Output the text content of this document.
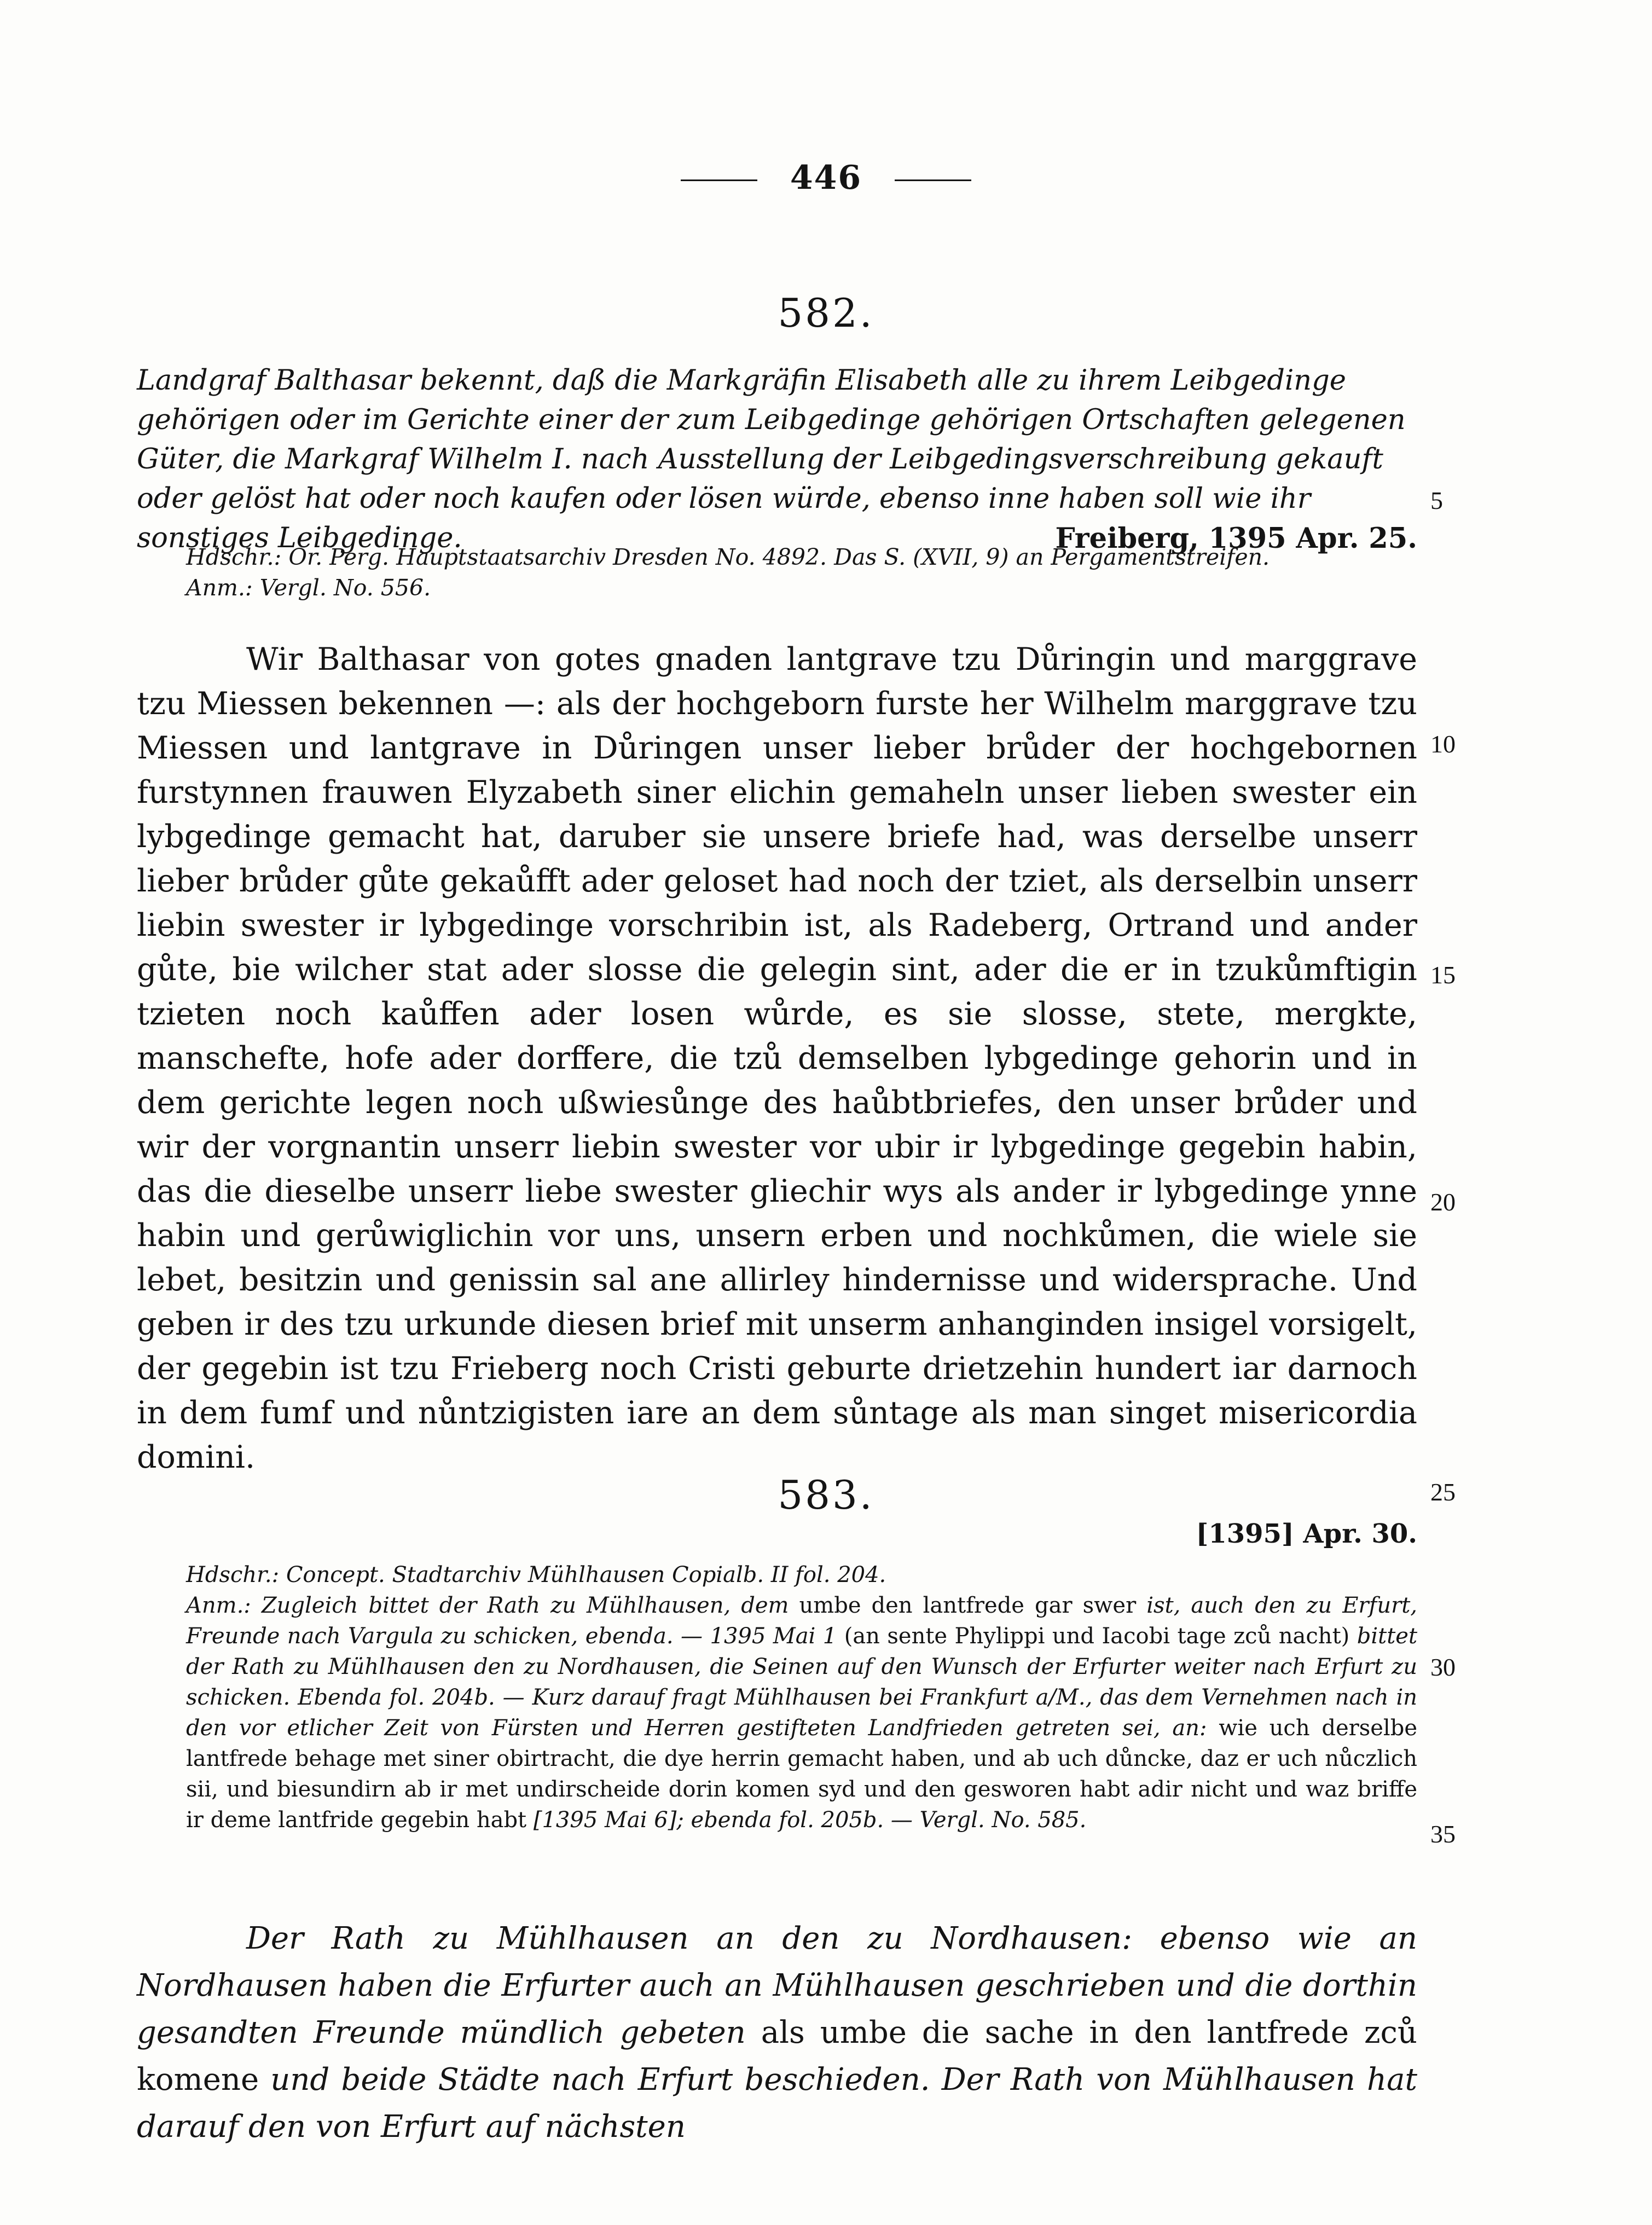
446
582.
Landgraf Balthasar bekennt, daß die Markgräfin Elisabeth alle zu ihrem Leibgedinge gehörigen oder im Gerichte einer der zum Leibgedinge gehörigen Ortschaften gelegenen Güter, die Markgraf Wilhelm I. nach Ausstellung der Leibgedingsverschreibung gekauft oder gelöst hat oder noch kaufen oder lösen würde, ebenso inne haben soll wie ihr sonstiges Leibgedinge.	Freiberg, 1395 Apr. 25.
Hdschr.: Or. Perg. Hauptstaatsarchiv Dresden No. 4892. Das S. (XVII, 9) an Pergamentstreifen.
Anm.: Vergl. No. 556.
Wir Balthasar von gotes gnaden lantgrave tzu Důringin und marggrave tzu Miessen bekennen —: als der hochgeborn furste her Wilhelm marggrave tzu Miessen und lantgrave in Důringen unser lieber brůder der hochgebornen furstynnen frauwen Elyzabeth siner elichin gemaheln unser lieben swester ein lybgedinge gemacht hat, daruber sie unsere briefe had, was derselbe unserr lieber brůder gůte gekaůfft ader geloset had noch der tziet, als derselbin unserr liebin swester ir lybgedinge vorschribin ist, als Radeberg, Ortrand und ander gůte, bie wilcher stat ader slosse die gelegin sint, ader die er in tzukůmftigin tzieten noch kaůffen ader losen wůrde, es sie slosse, stete, mergkte, manschefte, hofe ader dorffere, die tzů demselben lybgedinge gehorin und in dem gerichte legen noch ußwiesůnge des haůbtbriefes, den unser brůder und wir der vorgnantin unserr liebin swester vor ubir ir lybgedinge gegebin habin, das die dieselbe unserr liebe swester gliechir wys als ander ir lybgedinge ynne habin und gerůwiglichin vor uns, unsern erben und nochkůmen, die wiele sie lebet, besitzin und genissin sal ane allirley hindernisse und widersprache. Und geben ir des tzu urkunde diesen brief mit unserm anhanginden insigel vorsigelt, der gegebin ist tzu Frieberg noch Cristi geburte drietzehin hundert iar darnoch in dem fumf und nůntzigisten iare an dem sůntage als man singet misericordia domini.
583.
[1395] Apr. 30.
Hdschr.: Concept. Stadtarchiv Mühlhausen Copialb. II fol. 204.
Anm.: Zugleich bittet der Rath zu Mühlhausen, dem umbe den lantfrede gar swer ist, auch den zu Erfurt, Freunde nach Vargula zu schicken, ebenda. — 1395 Mai 1 (an sente Phylippi und Iacobi tage zců nacht) bittet der Rath zu Mühlhausen den zu Nordhausen, die Seinen auf den Wunsch der Erfurter weiter nach Erfurt zu schicken. Ebenda fol. 204b. — Kurz darauf fragt Mühlhausen bei Frankfurt a/M., das dem Vernehmen nach in den vor etlicher Zeit von Fürsten und Herren gestifteten Landfrieden getreten sei, an: wie uch derselbe lantfrede behage met siner obirtracht, die dye herrin gemacht haben, und ab uch důncke, daz er uch nůczlich sii, und biesundirn ab ir met undirscheide dorin komen syd und den gesworen habt adir nicht und waz briffe ir deme lantfride gegebin habt [1395 Mai 6]; ebenda fol. 205b. — Vergl. No. 585.
Der Rath zu Mühlhausen an den zu Nordhausen: ebenso wie an Nordhausen haben die Erfurter auch an Mühlhausen geschrieben und die dorthin gesandten Freunde mündlich gebeten als umbe die sache in den lantfrede zců komene und beide Städte nach Erfurt beschieden. Der Rath von Mühlhausen hat darauf den von Erfurt auf nächsten
5
10
15
20
25
30
35
